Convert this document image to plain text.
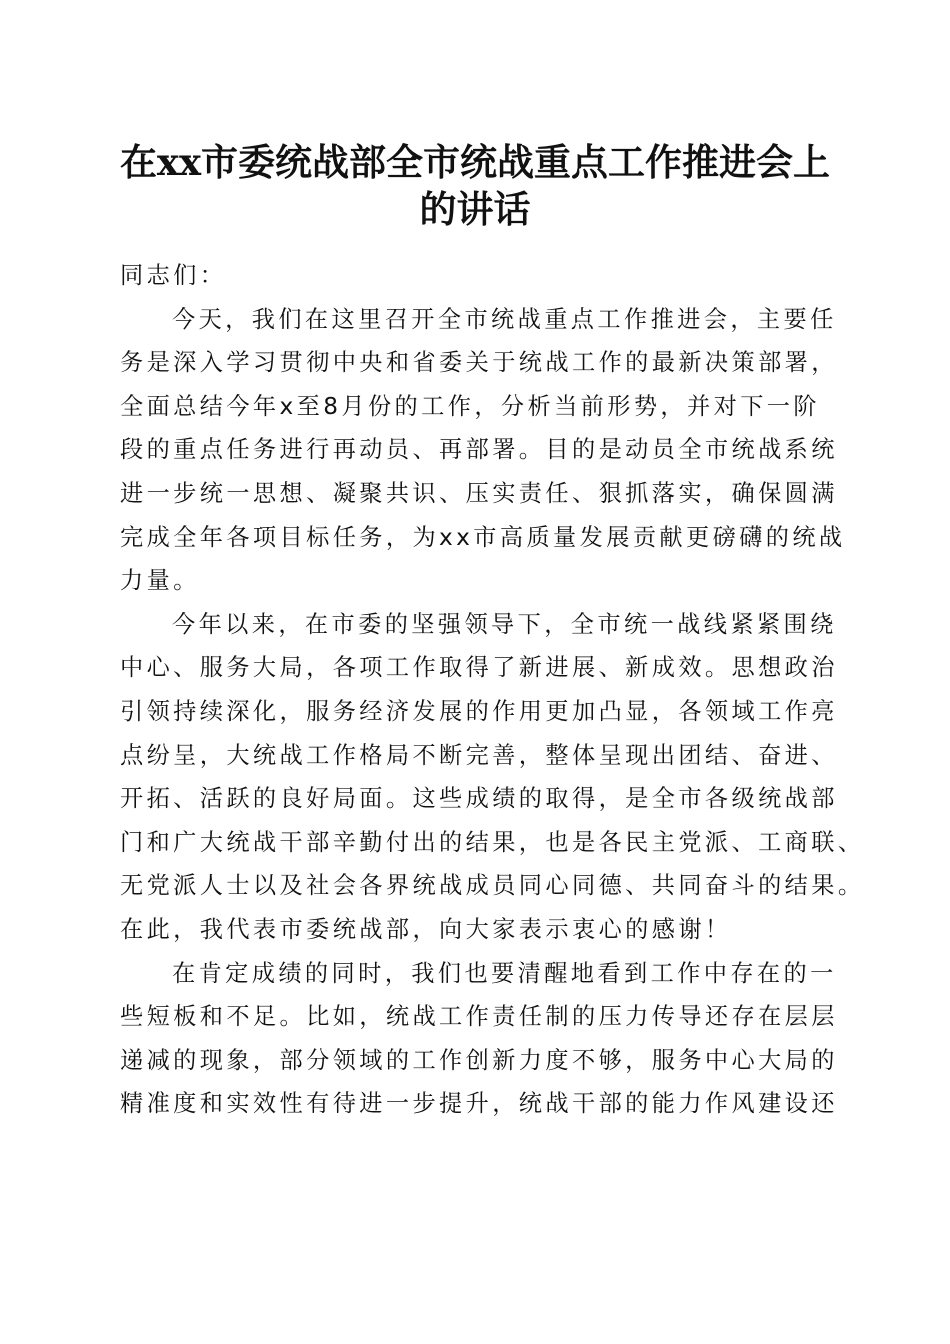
在xx市委统战部全市统战重点工作推进会上
的讲话
同志们：
今天，我们在这里召开全市统战重点工作推进会，主要任
务是深入学习贯彻中央和省委关于统战工作的最新决策部署，
全面总结今年x至8月份的工作，分析当前形势，并对下一阶
段的重点任务进行再动员、再部署。目的是动员全市统战系统
进一步统一思想、凝聚共识、压实责任、狠抓落实，确保圆满
完成全年各项目标任务，为xx市高质量发展贡献更磅礴的统战
力量。
今年以来，在市委的坚强领导下，全市统一战线紧紧围绕
中心、服务大局，各项工作取得了新进展、新成效。思想政治
引领持续深化，服务经济发展的作用更加凸显，各领域工作亮
点纷呈，大统战工作格局不断完善，整体呈现出团结、奋进、
开拓、活跃的良好局面。这些成绩的取得，是全市各级统战部
门和广大统战干部辛勤付出的结果，也是各民主党派、工商联、
无党派人士以及社会各界统战成员同心同德、共同奋斗的结果。
在此，我代表市委统战部，向大家表示衷心的感谢！
在肯定成绩的同时，我们也要清醒地看到工作中存在的一
些短板和不足。比如，统战工作责任制的压力传导还存在层层
递减的现象，部分领域的工作创新力度不够，服务中心大局的
精准度和实效性有待进一步提升，统战干部的能力作风建设还
